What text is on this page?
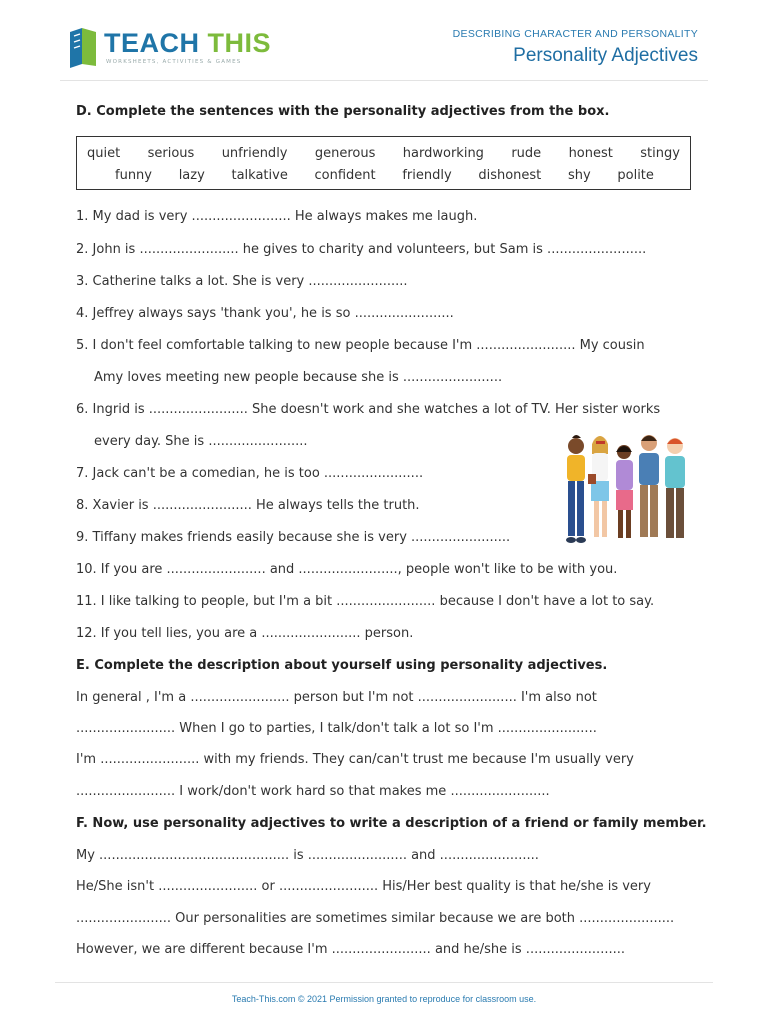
TEACH THIS
WORKSHEETS, ACTIVITIES & GAMES
DESCRIBING CHARACTER AND PERSONALITY
Personality Adjectives
D. Complete the sentences with the personality adjectives from the box.
quiet serious unfriendly generous hardworking rude honest stingy
funny lazy talkative confident friendly dishonest shy polite
1. My dad is very ........................ He always makes me laugh.
2. John is ........................ he gives to charity and volunteers, but Sam is ........................
3. Catherine talks a lot. She is very ........................
4. Jeffrey always says 'thank you', he is so ........................
5. I don't feel comfortable talking to new people because I'm ........................ My cousin
Amy loves meeting new people because she is ........................
6. Ingrid is ........................ She doesn't work and she watches a lot of TV. Her sister works
every day. She is ........................
7. Jack can't be a comedian, he is too ........................
8. Xavier is ........................ He always tells the truth.
9. Tiffany makes friends easily because she is very ........................
10. If you are ........................ and ........................, people won't like to be with you.
11. I like talking to people, but I'm a bit ........................ because I don't have a lot to say.
12. If you tell lies, you are a ........................ person.
E. Complete the description about yourself using personality adjectives.
In general , I'm a ........................ person but I'm not ........................ I'm also not
........................ When I go to parties, I talk/don't talk a lot so I'm ........................
I'm ........................ with my friends. They can/can't trust me because I'm usually very
........................ I work/don't work hard so that makes me ........................
F. Now, use personality adjectives to write a description of a friend or family member.
My .............................................. is ........................ and ........................
He/She isn't ........................ or ........................ His/Her best quality is that he/she is very
....................... Our personalities are sometimes similar because we are both .......................
However, we are different because I'm ........................ and he/she is ........................
Teach-This.com © 2021 Permission granted to reproduce for classroom use.
